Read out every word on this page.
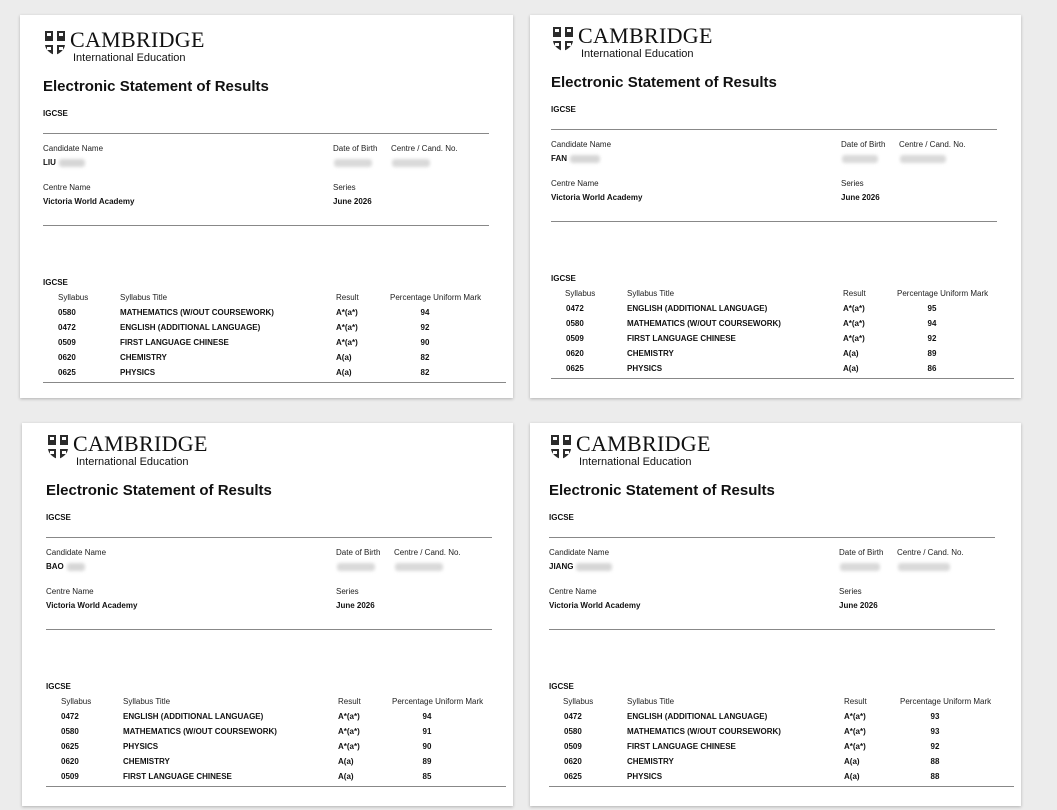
CAMBRIDGE
International Education
Electronic Statement of Results
IGCSE
Candidate Name
LIU
Date of Birth Centre / Cand. No.
Centre Name
Victoria World Academy
Series
June 2026
IGCSE
Syllabus	Syllabus Title	Result	Percentage Uniform Mark
0580	MATHEMATICS (W/OUT COURSEWORK)	A*(a*)	94
0472	ENGLISH (ADDITIONAL LANGUAGE)	A*(a*)	92
0509	FIRST LANGUAGE CHINESE	A*(a*)	90
0620	CHEMISTRY	A(a)	82
0625	PHYSICS	A(a)	82
CAMBRIDGE
International Education
Electronic Statement of Results
IGCSE
Candidate Name
FAN
Date of Birth Centre / Cand. No.
Centre Name
Victoria World Academy
Series
June 2026
IGCSE
Syllabus	Syllabus Title	Result	Percentage Uniform Mark
0472	ENGLISH (ADDITIONAL LANGUAGE)	A*(a*)	95
0580	MATHEMATICS (W/OUT COURSEWORK)	A*(a*)	94
0509	FIRST LANGUAGE CHINESE	A*(a*)	92
0620	CHEMISTRY	A(a)	89
0625	PHYSICS	A(a)	86
CAMBRIDGE
International Education
Electronic Statement of Results
IGCSE
Candidate Name
BAO
Date of Birth Centre / Cand. No.
Centre Name
Victoria World Academy
Series
June 2026
IGCSE
Syllabus	Syllabus Title	Result	Percentage Uniform Mark
0472	ENGLISH (ADDITIONAL LANGUAGE)	A*(a*)	94
0580	MATHEMATICS (W/OUT COURSEWORK)	A*(a*)	91
0625	PHYSICS	A*(a*)	90
0620	CHEMISTRY	A(a)	89
0509	FIRST LANGUAGE CHINESE	A(a)	85
CAMBRIDGE
International Education
Electronic Statement of Results
IGCSE
Candidate Name
JIANG
Date of Birth Centre / Cand. No.
Centre Name
Victoria World Academy
Series
June 2026
IGCSE
Syllabus	Syllabus Title	Result	Percentage Uniform Mark
0472	ENGLISH (ADDITIONAL LANGUAGE)	A*(a*)	93
0580	MATHEMATICS (W/OUT COURSEWORK)	A*(a*)	93
0509	FIRST LANGUAGE CHINESE	A*(a*)	92
0620	CHEMISTRY	A(a)	88
0625	PHYSICS	A(a)	88
